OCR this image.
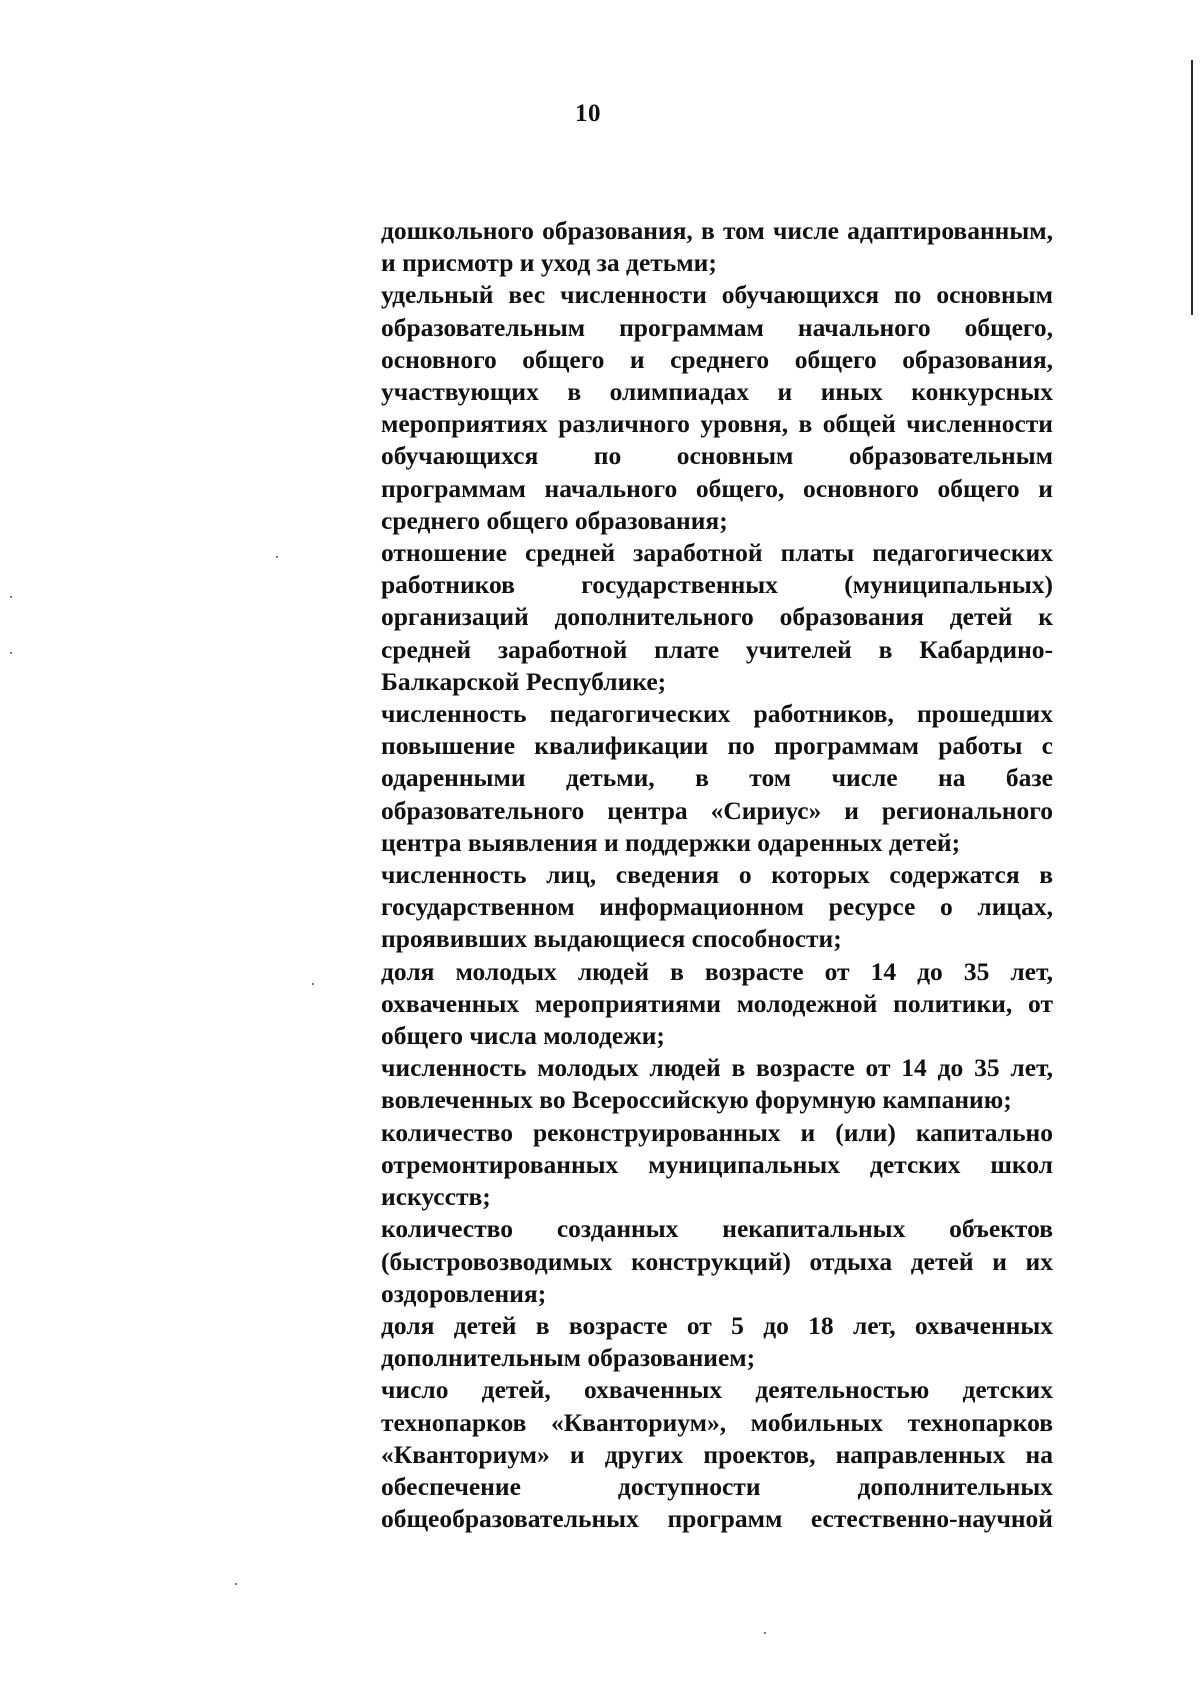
10

дошкольного образования, в том числе адаптированным, и присмотр и уход за детьми;

удельный вес численности обучающихся по основным образовательным программам начального общего, основного общего и среднего общего образования, участвующих в олимпиадах и иных конкурсных мероприятиях различного уровня, в общей численности обучающихся по основным образовательным программам начального общего, основного общего и среднего общего образования;

отношение средней заработной платы педагогических работников государственных (муниципальных) организаций дополнительного образования детей к средней заработной плате учителей в Кабардино-Балкарской Республике;

численность педагогических работников, прошедших повышение квалификации по программам работы с одаренными детьми, в том числе на базе образовательного центра «Сириус» и регионального центра выявления и поддержки одаренных детей;

численность лиц, сведения о которых содержатся в государственном информационном ресурсе о лицах, проявивших выдающиеся способности;

доля молодых людей в возрасте от 14 до 35 лет, охваченных мероприятиями молодежной политики, от общего числа молодежи;

численность молодых людей в возрасте от 14 до 35 лет, вовлеченных во Всероссийскую форумную кампанию;

количество реконструированных и (или) капитально отремонтированных муниципальных детских школ искусств;

количество созданных некапитальных объектов (быстровозводимых конструкций) отдыха детей и их оздоровления;

доля детей в возрасте от 5 до 18 лет, охваченных дополнительным образованием;

число детей, охваченных деятельностью детских технопарков «Кванториум», мобильных технопарков «Кванториум» и других проектов, направленных на обеспечение доступности дополнительных общеобразовательных программ естественно-научной
